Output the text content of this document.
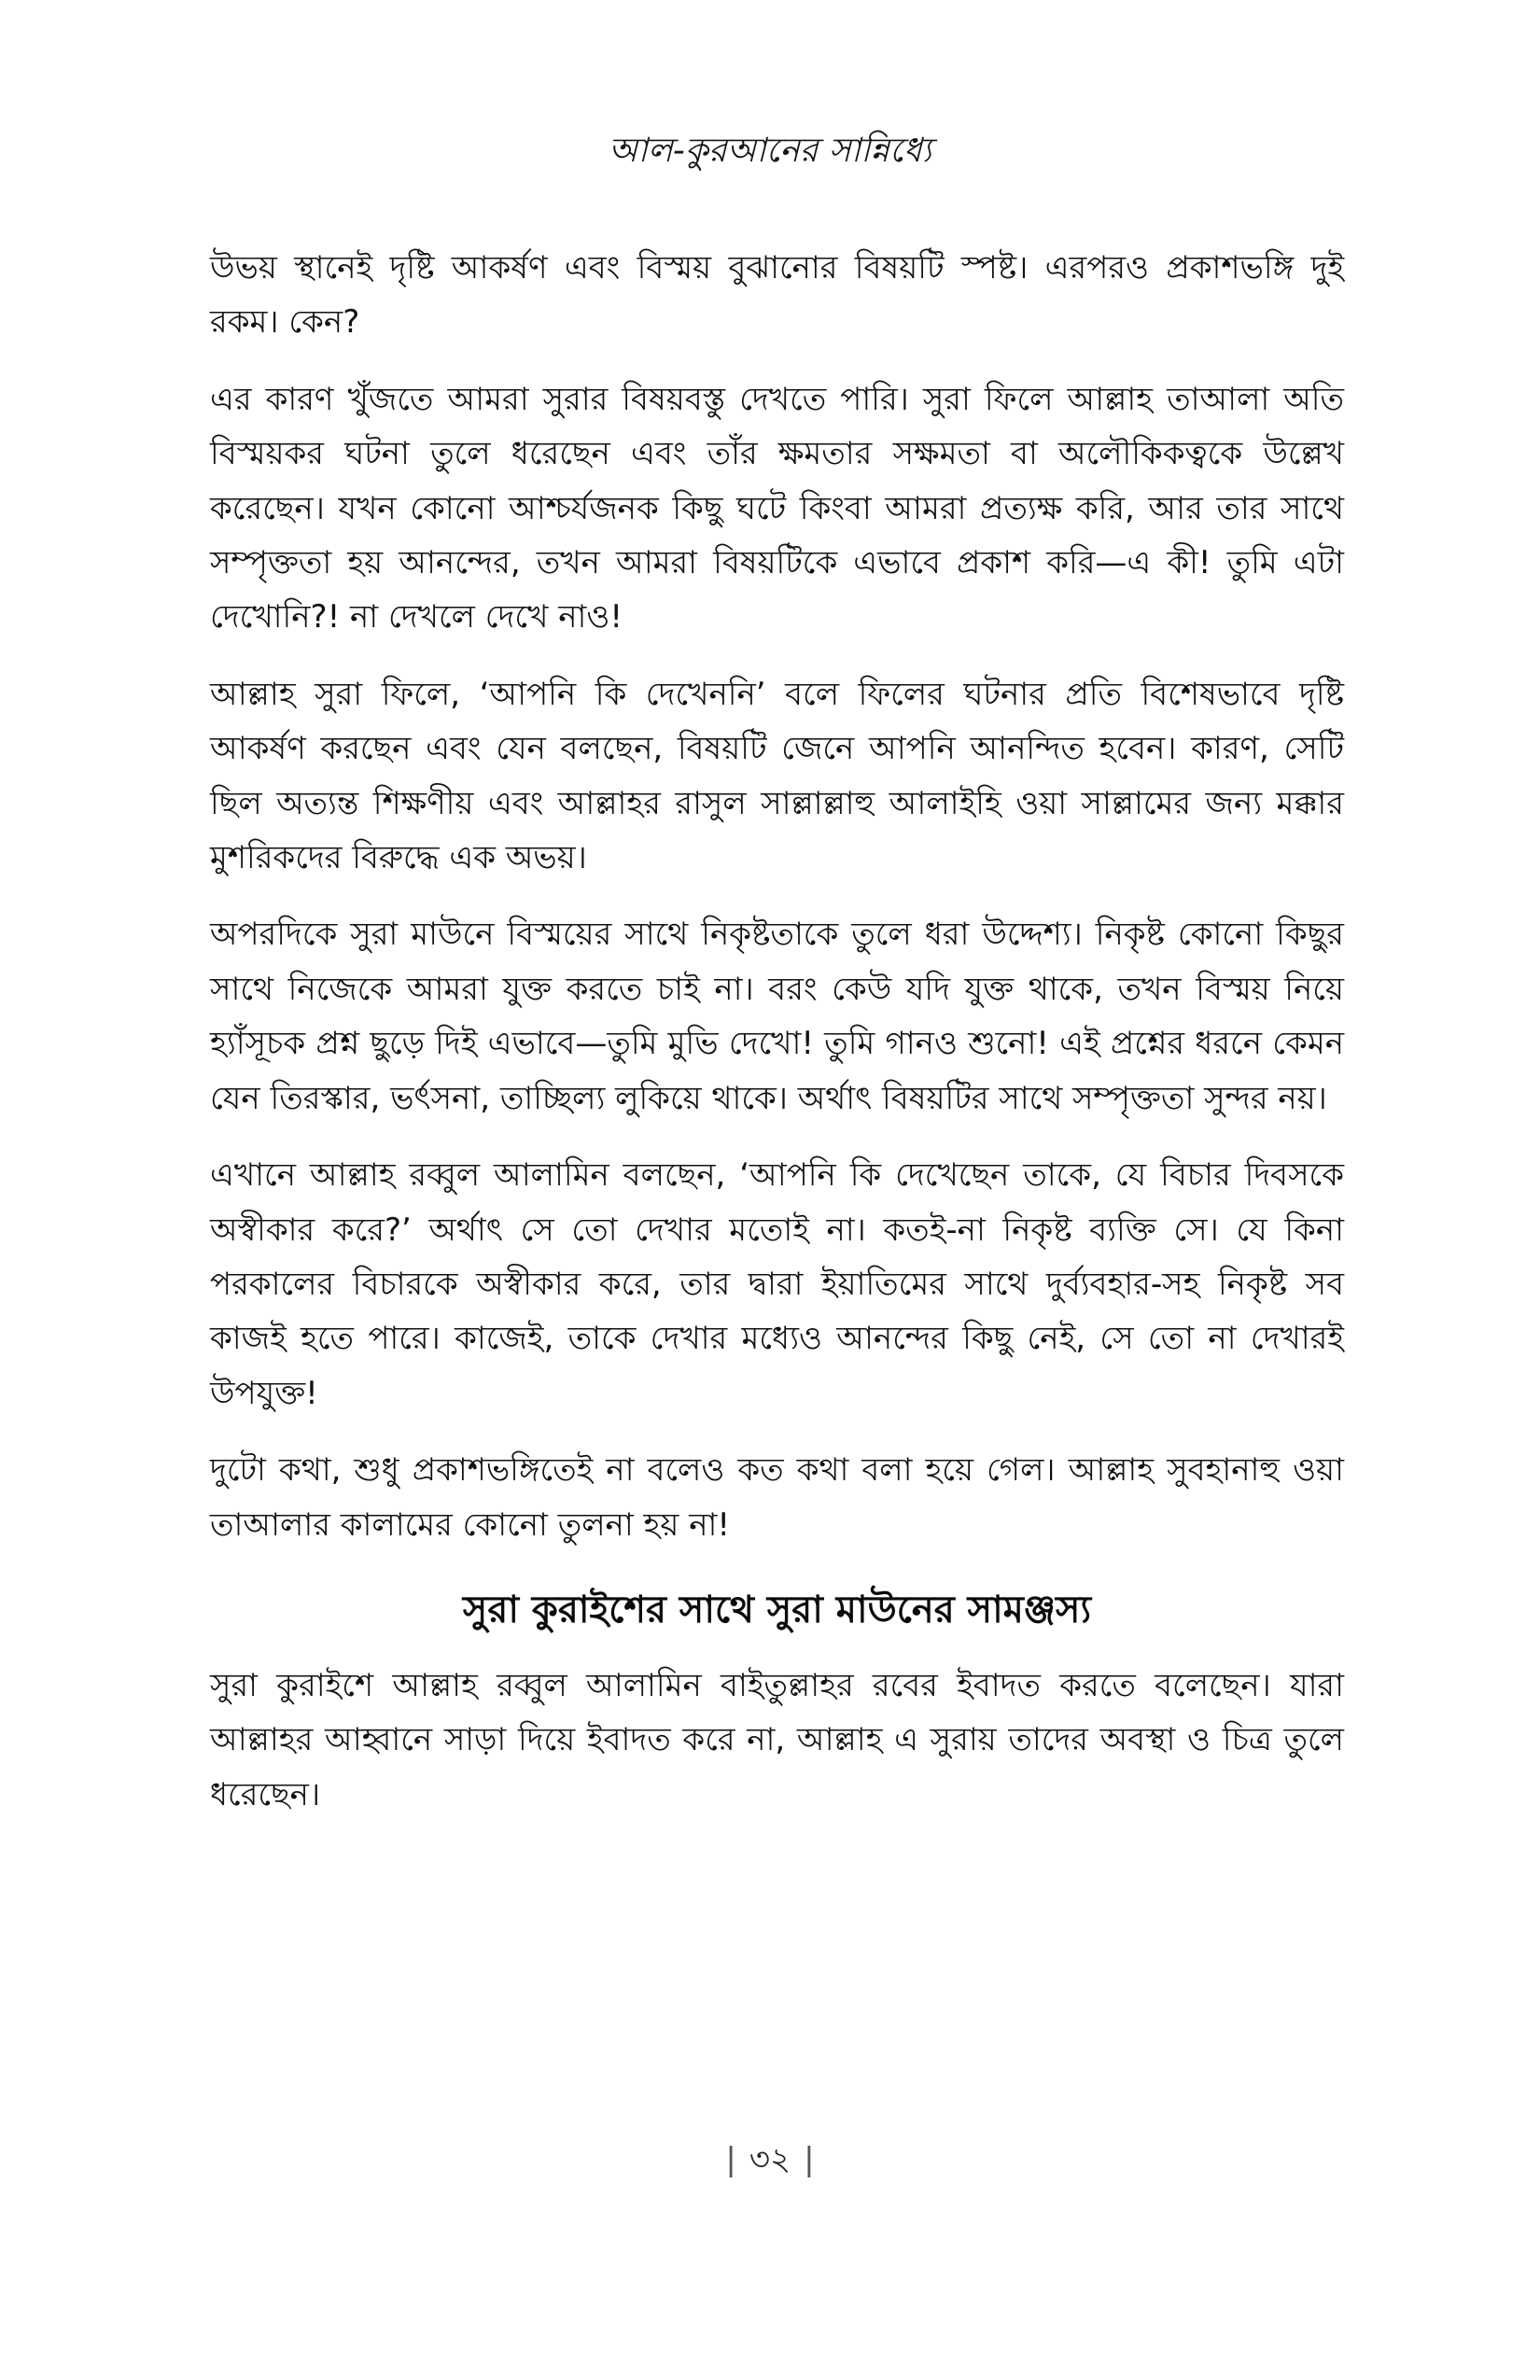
আল-কুরআনের সান্নিধ্যে

উভয় স্থানেই দৃষ্টি আকর্ষণ এবং বিস্ময় বুঝানোর বিষয়টি স্পষ্ট। এরপরও প্রকাশভঙ্গি দুই রকম। কেন?

এর কারণ খুঁজতে আমরা সুরার বিষয়বস্তু দেখতে পারি। সুরা ফিলে আল্লাহ তাআলা অতি বিস্ময়কর ঘটনা তুলে ধরেছেন এবং তাঁর ক্ষমতার সক্ষমতা বা অলৌকিকত্বকে উল্লেখ করেছেন। যখন কোনো আশ্চর্যজনক কিছু ঘটে কিংবা আমরা প্রত্যক্ষ করি, আর তার সাথে সম্পৃক্ততা হয় আনন্দের, তখন আমরা বিষয়টিকে এভাবে প্রকাশ করি—এ কী! তুমি এটা দেখোনি?! না দেখলে দেখে নাও!

আল্লাহ সুরা ফিলে, ‘আপনি কি দেখেননি’ বলে ফিলের ঘটনার প্রতি বিশেষভাবে দৃষ্টি আকর্ষণ করছেন এবং যেন বলছেন, বিষয়টি জেনে আপনি আনন্দিত হবেন। কারণ, সেটি ছিল অত্যন্ত শিক্ষণীয় এবং আল্লাহর রাসুল সাল্লাল্লাহু আলাইহি ওয়া সাল্লামের জন্য মক্কার মুশরিকদের বিরুদ্ধে এক অভয়।

অপরদিকে সুরা মাউনে বিস্ময়ের সাথে নিকৃষ্টতাকে তুলে ধরা উদ্দেশ্য। নিকৃষ্ট কোনো কিছুর সাথে নিজেকে আমরা যুক্ত করতে চাই না। বরং কেউ যদি যুক্ত থাকে, তখন বিস্ময় নিয়ে হ্যাঁসূচক প্রশ্ন ছুড়ে দিই এভাবে—তুমি মুভি দেখো! তুমি গানও শুনো! এই প্রশ্নের ধরনে কেমন যেন তিরস্কার, ভর্ৎসনা, তাচ্ছিল্য লুকিয়ে থাকে। অর্থাৎ বিষয়টির সাথে সম্পৃক্ততা সুন্দর নয়।

এখানে আল্লাহ রব্বুল আলামিন বলছেন, ‘আপনি কি দেখেছেন তাকে, যে বিচার দিবসকে অস্বীকার করে?’ অর্থাৎ সে তো দেখার মতোই না। কতই-না নিকৃষ্ট ব্যক্তি সে। যে কিনা পরকালের বিচারকে অস্বীকার করে, তার দ্বারা ইয়াতিমের সাথে দুর্ব্যবহার-সহ নিকৃষ্ট সব কাজই হতে পারে। কাজেই, তাকে দেখার মধ্যেও আনন্দের কিছু নেই, সে তো না দেখারই উপযুক্ত!

দুটো কথা, শুধু প্রকাশভঙ্গিতেই না বলেও কত কথা বলা হয়ে গেল। আল্লাহ সুবহানাহু ওয়া তাআলার কালামের কোনো তুলনা হয় না!

সুরা কুরাইশের সাথে সুরা মাউনের সামঞ্জস্য

সুরা কুরাইশে আল্লাহ রব্বুল আলামিন বাইতুল্লাহর রবের ইবাদত করতে বলেছেন। যারা আল্লাহর আহ্বানে সাড়া দিয়ে ইবাদত করে না, আল্লাহ এ সুরায় তাদের অবস্থা ও চিত্র তুলে ধরেছেন।

| ৩২ |
